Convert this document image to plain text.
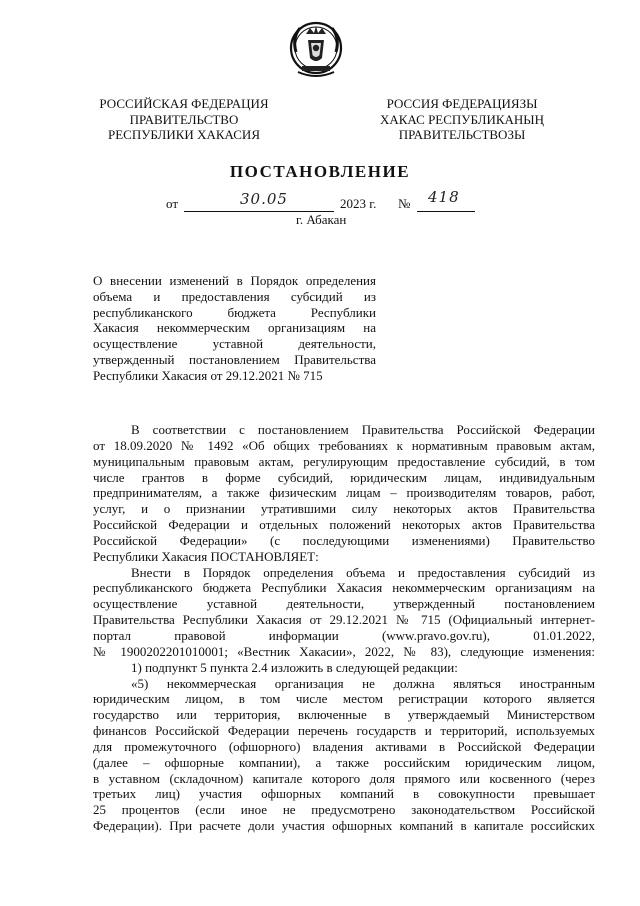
РОССИЙСКАЯ ФЕДЕРАЦИЯ
ПРАВИТЕЛЬСТВО
РЕСПУБЛИКИ ХАКАСИЯ
РОССИЯ ФЕДЕРАЦИЯЗЫ
ХАКАС РЕСПУБЛИКАНЫҢ
ПРАВИТЕЛЬСТВОЗЫ
ПОСТАНОВЛЕНИЕ
от	30.05	2023 г. № 418
г. Абакан
О внесении изменений в Порядок определения
объема и предоставления субсидий из
республиканского бюджета Республики
Хакасия некоммерческим организациям на
осуществление уставной деятельности,
утвержденный постановлением Правительства
Республики Хакасия от 29.12.2021 № 715
В соответствии с постановлением Правительства Российской Федерации
от 18.09.2020 № 1492 «Об общих требованиях к нормативным правовым актам,
муниципальным правовым актам, регулирующим предоставление субсидий, в том
числе грантов в форме субсидий, юридическим лицам, индивидуальным
предпринимателям, а также физическим лицам – производителям товаров, работ,
услуг, и о признании утратившими силу некоторых актов Правительства
Российской Федерации и отдельных положений некоторых актов Правительства
Российской Федерации» (с последующими изменениями) Правительство
Республики Хакасия ПОСТАНОВЛЯЕТ:
Внести в Порядок определения объема и предоставления субсидий из
республиканского бюджета Республики Хакасия некоммерческим организациям на
осуществление уставной деятельности, утвержденный постановлением
Правительства Республики Хакасия от 29.12.2021 № 715 (Официальный интернет-
портал правовой информации (www.pravo.gov.ru), 01.01.2022,
№ 1900202201010001; «Вестник Хакасии», 2022, № 83), следующие изменения:
1) подпункт 5 пункта 2.4 изложить в следующей редакции:
«5) некоммерческая организация не должна являться иностранным
юридическим лицом, в том числе местом регистрации которого является
государство или территория, включенные в утверждаемый Министерством
финансов Российской Федерации перечень государств и территорий, используемых
для промежуточного (офшорного) владения активами в Российской Федерации
(далее – офшорные компании), а также российским юридическим лицом,
в уставном (складочном) капитале которого доля прямого или косвенного (через
третьих лиц) участия офшорных компаний в совокупности превышает
25 процентов (если иное не предусмотрено законодательством Российской
Федерации). При расчете доли участия офшорных компаний в капитале российских
